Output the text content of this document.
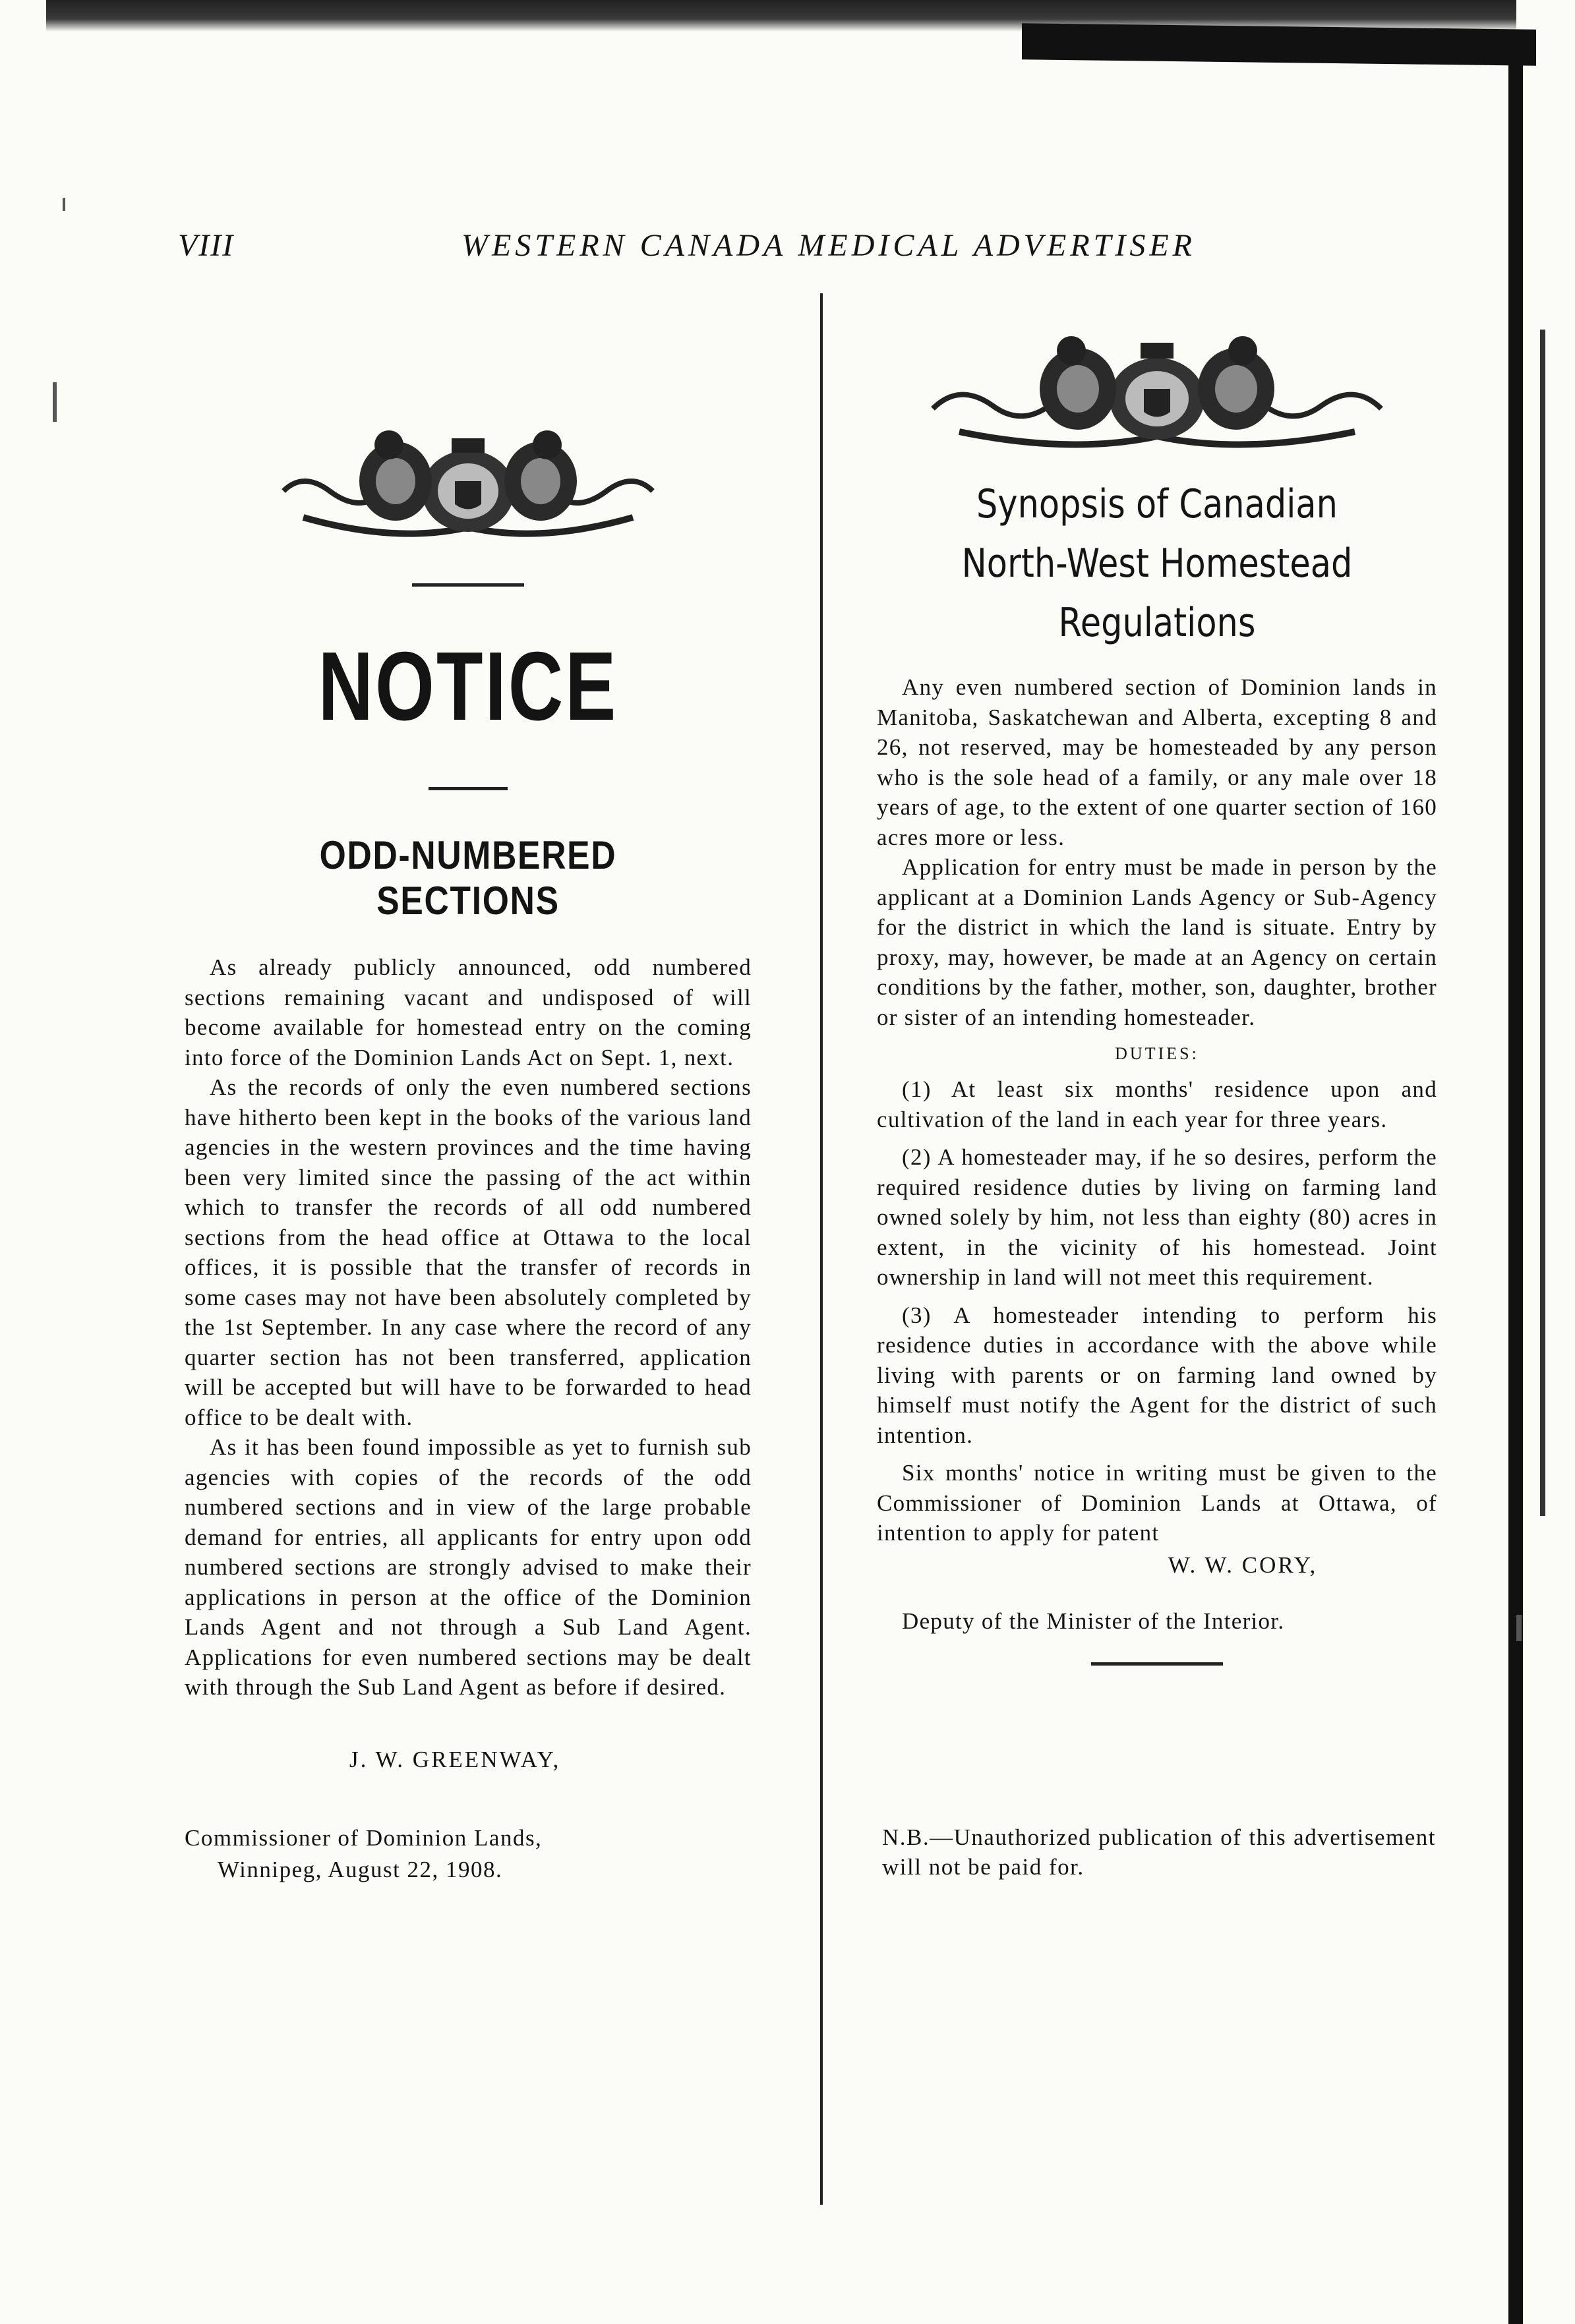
VIII	WESTERN CANADA MEDICAL ADVERTISER
NOTICE
ODD-NUMBERED SECTIONS

As already publicly announced, odd numbered sections remaining vacant and undisposed of will become available for homestead entry on the coming into force of the Dominion Lands Act on Sept. 1, next.

As the records of only the even numbered sections have hitherto been kept in the books of the various land agencies in the western provinces and the time having been very limited since the passing of the act within which to transfer the records of all odd numbered sections from the head office at Ottawa to the local offices, it is possible that the transfer of records in some cases may not have been absolutely completed by the 1st September. In any case where the record of any quarter section has not been transferred, application will be accepted but will have to be forwarded to head office to be dealt with.

As it has been found impossible as yet to furnish sub agencies with copies of the records of the odd numbered sections and in view of the large probable demand for entries, all applicants for entry upon odd numbered sections are strongly advised to make their applications in person at the office of the Dominion Lands Agent and not through a Sub Land Agent. Applications for even numbered sections may be dealt with through the Sub Land Agent as before if desired.

J. W. GREENWAY,
Commissioner of Dominion Lands,
Winnipeg, August 22, 1908.
Synopsis of Canadian
North-West Homestead
Regulations

Any even numbered section of Dominion lands in Manitoba, Saskatchewan and Alberta, excepting 8 and 26, not reserved, may be homesteaded by any person who is the sole head of a family, or any male over 18 years of age, to the extent of one quarter section of 160 acres more or less.

Application for entry must be made in person by the applicant at a Dominion Lands Agency or Sub-Agency for the district in which the land is situate. Entry by proxy, may, however, be made at an Agency on certain conditions by the father, mother, son, daughter, brother or sister of an intending homesteader.

DUTIES:

(1) At least six months' residence upon and cultivation of the land in each year for three years.

(2) A homesteader may, if he so desires, perform the required residence duties by living on farming land owned solely by him, not less than eighty (80) acres in extent, in the vicinity of his homestead. Joint ownership in land will not meet this requirement.

(3) A homesteader intending to perform his residence duties in accordance with the above while living with parents or on farming land owned by himself must notify the Agent for the district of such intention.

Six months' notice in writing must be given to the Commissioner of Dominion Lands at Ottawa, of intention to apply for patent

W. W. CORY,

Deputy of the Minister of the Interior.

N.B.—Unauthorized publication of this advertisement will not be paid for.
